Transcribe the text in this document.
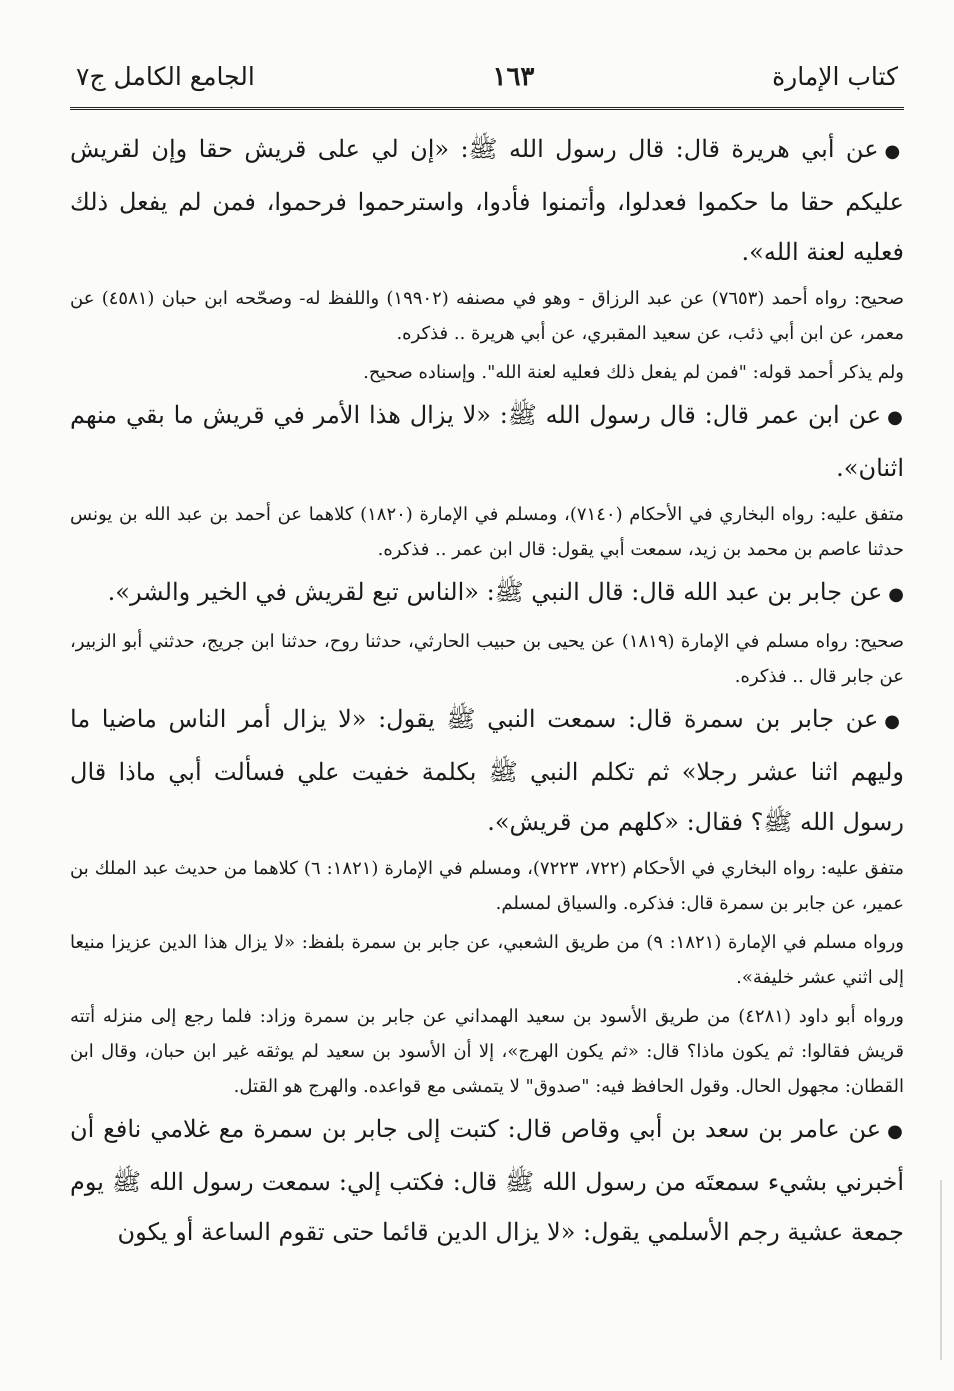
كتاب الإمارة
١٦٣
الجامع الكامل ج٧

●عن أبي هريرة قال: قال رسول الله ﷺ: «إن لي على قريش حقا وإن لقريش عليكم حقا ما حكموا فعدلوا، وأتمنوا فأدوا، واسترحموا فرحموا، فمن لم يفعل ذلك فعليه لعنة الله».

صحيح: رواه أحمد (٧٦٥٣) عن عبد الرزاق - وهو في مصنفه (١٩٩٠٢) واللفظ له- وصحّحه ابن حبان (٤٥٨١) عن معمر، عن ابن أبي ذئب، عن سعيد المقبري، عن أبي هريرة .. فذكره.

ولم يذكر أحمد قوله: "فمن لم يفعل ذلك فعليه لعنة الله". وإسناده صحيح.

●عن ابن عمر قال: قال رسول الله ﷺ: «لا يزال هذا الأمر في قريش ما بقي منهم اثنان».

متفق عليه: رواه البخاري في الأحكام (٧١٤٠)، ومسلم في الإمارة (١٨٢٠) كلاهما عن أحمد بن عبد الله بن يونس حدثنا عاصم بن محمد بن زيد، سمعت أبي يقول: قال ابن عمر .. فذكره.

●عن جابر بن عبد الله قال: قال النبي ﷺ: «الناس تبع لقريش في الخير والشر».

صحيح: رواه مسلم في الإمارة (١٨١٩) عن يحيى بن حبيب الحارثي، حدثنا روح، حدثنا ابن جريج، حدثني أبو الزبير، عن جابر قال .. فذكره.

●عن جابر بن سمرة قال: سمعت النبي ﷺ يقول: «لا يزال أمر الناس ماضيا ما وليهم اثنا عشر رجلا» ثم تكلم النبي ﷺ بكلمة خفيت علي فسألت أبي ماذا قال رسول الله ﷺ؟ فقال: «كلهم من قريش».

متفق عليه: رواه البخاري في الأحكام (٧٢٢، ٧٢٢٣)، ومسلم في الإمارة (١٨٢١: ٦) كلاهما من حديث عبد الملك بن عمير، عن جابر بن سمرة قال: فذكره. والسياق لمسلم.

ورواه مسلم في الإمارة (١٨٢١: ٩) من طريق الشعبي، عن جابر بن سمرة بلفظ: «لا يزال هذا الدين عزيزا منيعا إلى اثني عشر خليفة».

ورواه أبو داود (٤٢٨١) من طريق الأسود بن سعيد الهمداني عن جابر بن سمرة وزاد: فلما رجع إلى منزله أتته قريش فقالوا: ثم يكون ماذا؟ قال: «ثم يكون الهرج»، إلا أن الأسود بن سعيد لم يوثقه غير ابن حبان، وقال ابن القطان: مجهول الحال. وقول الحافظ فيه: "صدوق" لا يتمشى مع قواعده. والهرج هو القتل.

●عن عامر بن سعد بن أبي وقاص قال: كتبت إلى جابر بن سمرة مع غلامي نافع أن أخبرني بشيء سمعتَه من رسول الله ﷺ قال: فكتب إلي: سمعت رسول الله ﷺ يوم جمعة عشية رجم الأسلمي يقول: «لا يزال الدين قائما حتى تقوم الساعة أو يكون
